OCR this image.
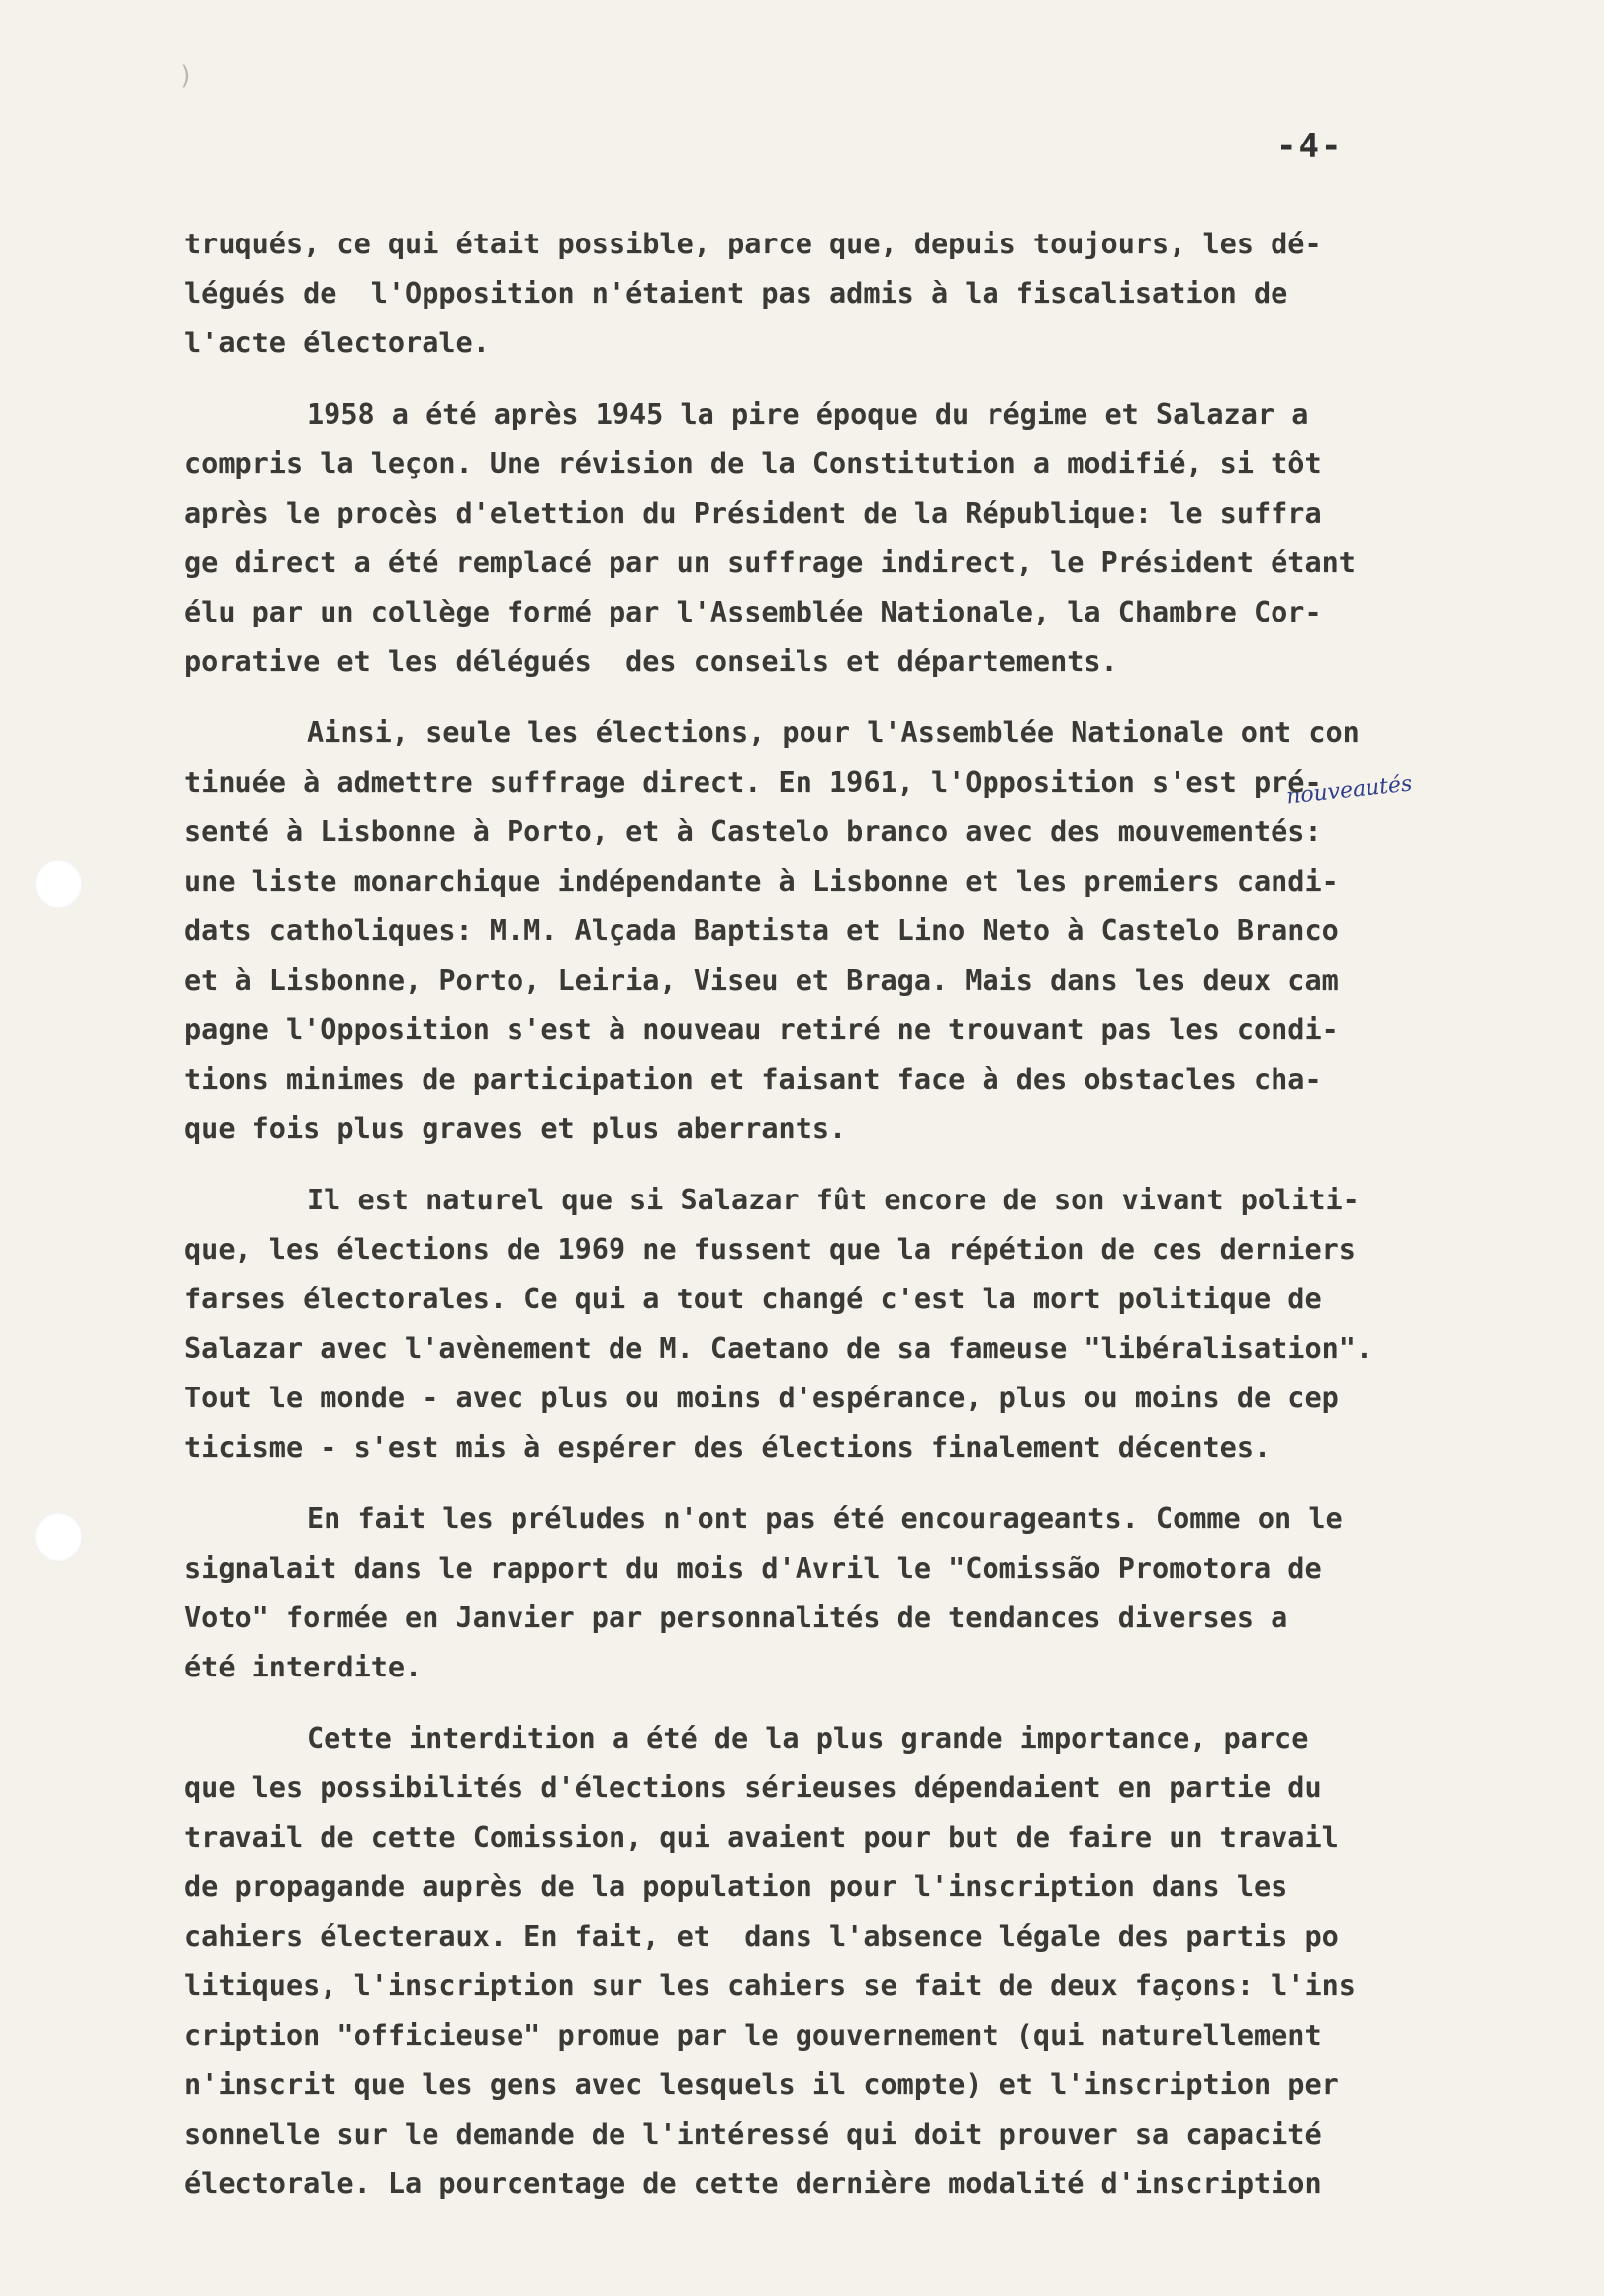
)
-4-
nouveautés
truqués, ce qui était possible, parce que, depuis toujours, les dé-
légués de  l'Opposition n'étaient pas admis à la fiscalisation de
l'acte électorale.
1958 a été après 1945 la pire époque du régime et Salazar a
compris la leçon. Une révision de la Constitution a modifié, si tôt
après le procès d'elettion du Président de la République: le suffra
ge direct a été remplacé par un suffrage indirect, le Président étant
élu par un collège formé par l'Assemblée Nationale, la Chambre Cor-
porative et les délégués  des conseils et départements.
Ainsi, seule les élections, pour l'Assemblée Nationale ont con
tinuée à admettre suffrage direct. En 1961, l'Opposition s'est pré-
senté à Lisbonne à Porto, et à Castelo branco avec des mouvementés:
une liste monarchique indépendante à Lisbonne et les premiers candi-
dats catholiques: M.M. Alçada Baptista et Lino Neto à Castelo Branco
et à Lisbonne, Porto, Leiria, Viseu et Braga. Mais dans les deux cam
pagne l'Opposition s'est à nouveau retiré ne trouvant pas les condi-
tions minimes de participation et faisant face à des obstacles cha-
que fois plus graves et plus aberrants.
Il est naturel que si Salazar fût encore de son vivant politi-
que, les élections de 1969 ne fussent que la répétion de ces derniers
farses électorales. Ce qui a tout changé c'est la mort politique de
Salazar avec l'avènement de M. Caetano de sa fameuse "libéralisation".
Tout le monde - avec plus ou moins d'espérance, plus ou moins de cep
ticisme - s'est mis à espérer des élections finalement décentes.
En fait les préludes n'ont pas été encourageants. Comme on le
signalait dans le rapport du mois d'Avril le "Comissão Promotora de
Voto" formée en Janvier par personnalités de tendances diverses a
été interdite.
Cette interdition a été de la plus grande importance, parce
que les possibilités d'élections sérieuses dépendaient en partie du
travail de cette Comission, qui avaient pour but de faire un travail
de propagande auprès de la population pour l'inscription dans les
cahiers électeraux. En fait, et  dans l'absence légale des partis po
litiques, l'inscription sur les cahiers se fait de deux façons: l'ins
cription "officieuse" promue par le gouvernement (qui naturellement
n'inscrit que les gens avec lesquels il compte) et l'inscription per
sonnelle sur le demande de l'intéressé qui doit prouver sa capacité
électorale. La pourcentage de cette dernière modalité d'inscription
